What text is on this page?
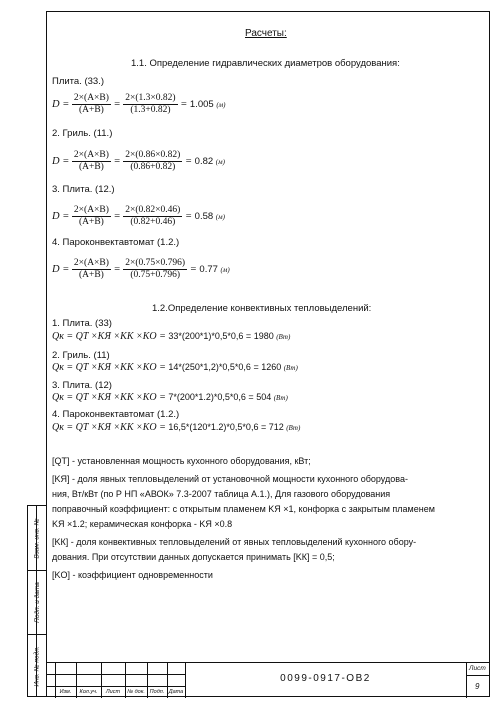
Взам. инв. №
Подп. и дата
Инв. № подл.
Расчеты:
1.1. Определение гидравлических диаметров оборудования:
Плита. (33.)
$D = \frac{2\times(A\times B)}{(A+B)} = \frac{2\times(1.3\times 0.82)}{(1.3+0.82)} = 1.005$ (м)
2. Гриль. (11.)
$D = \frac{2\times(A\times B)}{(A+B)} = \frac{2\times(0.86\times 0.82)}{(0.86+0.82)} = 0.82$ (м)
3. Плита. (12.)
$D = \frac{2\times(A\times B)}{(A+B)} = \frac{2\times(0.82\times 0.46)}{(0.82+0.46)} = 0.58$ (м)
4. Пароконвектавтомат (1.2.)
$D = \frac{2\times(A\times B)}{(A+B)} = \frac{2\times(0.75\times 0.796)}{(0.75+0.796)} = 0.77$ (м)
1.2.Определение конвективных тепловыделений:
1. Плита. (33)
Qк = QТ ×KЯ ×KК ×KО = 33*(200*1)*0,5*0,6 = 1980 (Вт)
2. Гриль. (11)
Qк = QТ ×KЯ ×KК ×KО = 14*(250*1,2)*0,5*0,6 = 1260 (Вт)
3. Плита. (12)
Qк = QТ ×KЯ ×KК ×KО = 7*(200*1.2)*0,5*0,6 = 504 (Вт)
4. Пароконвектавтомат (1.2.)
Qк = QТ ×KЯ ×KК ×KО = 16,5*(120*1.2)*0,5*0,6 = 712 (Вт)
[QТ] - установленная мощность кухонного оборудования, кВт;
[KЯ] - доля явных тепловыделений от установочной мощности кухонного оборудова-
ния, Вт/кВт (по Р НП «АВОК» 7.3-2007 таблица А.1.), Для газового оборудования
поправочный коэффициент: с открытым пламенем KЯ ×1, конфорка с закрытым пламенем
KЯ ×1.2; керамическая конфорка - KЯ ×0.8
[KК] - доля конвективных тепловыделений от явных тепловыделений кухонного обору-
дования. При отсутствии данных допускается принимать [KК] = 0,5;
[KО] - коэффициент одновременности
Изм.	Кол.уч.	Лист	№ док. Подп. Дата
0099-0917-ОВ2
Лист
9
